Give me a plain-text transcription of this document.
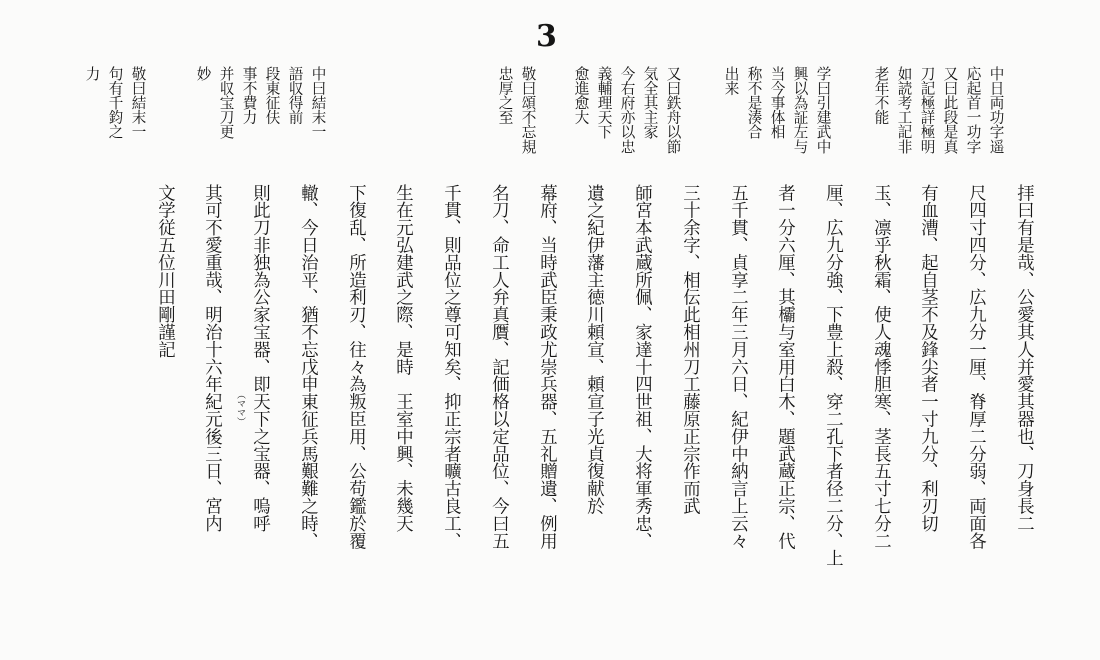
3
中日両功字遥
応起首一功字
又曰此段是真
刀記極詳極明
如読考工記非
老年不能
学曰引建武中
興以為証左与
当今事体相
称不是湊合
出来
又曰鉄舟以節
気全其主家
今右府亦以忠
義輔理天下
愈進愈大
敬曰頌不忘規
忠厚之至
中曰結末一
語収得前
段東征伕
事不費力
并収宝刀更
妙
敬曰結末一
句有千鈞之
力
拝曰有是哉、公愛其人并愛其器也、刀身長二
尺四寸四分、広九分一厘、脊厚二分弱、両面各
有血漕、起自茎不及鋒尖者一寸九分、利刃切
玉、凛乎秋霜、使人魂悸胆寒、茎長五寸七分二
厘、広九分強、下豊上殺、穿二孔下者径二分、上
者一分六厘、其欛与室用白木、題武蔵正宗、代
五千貫、貞享二年三月六日、紀伊中納言上云々
三十余字、相伝此相州刀工藤原正宗作而武
師宮本武蔵所佩、家達十四世祖、大将軍秀忠、
遺之紀伊藩主徳川頼宣、頼宣子光貞復献於
幕府、当時武臣秉政尤崇兵器、五礼贈遺、例用
名刀、命工人弁真贋、記価格以定品位、今曰五
千貫、則品位之尊可知矣、抑正宗者曠古良工、
生在元弘建武之際、是時　王室中興、未幾天
下復乱、所造利刃、往々為叛臣用、公苟鑑於覆
轍、今日治平、猶不忘戊申東征兵馬艱難之時、
則此刀非独為公家宝器、即天下之宝器、嗚呼
其可不愛重哉、明治十六年紀元後三日、宮内
文学従五位川田剛謹記
（ママ）
